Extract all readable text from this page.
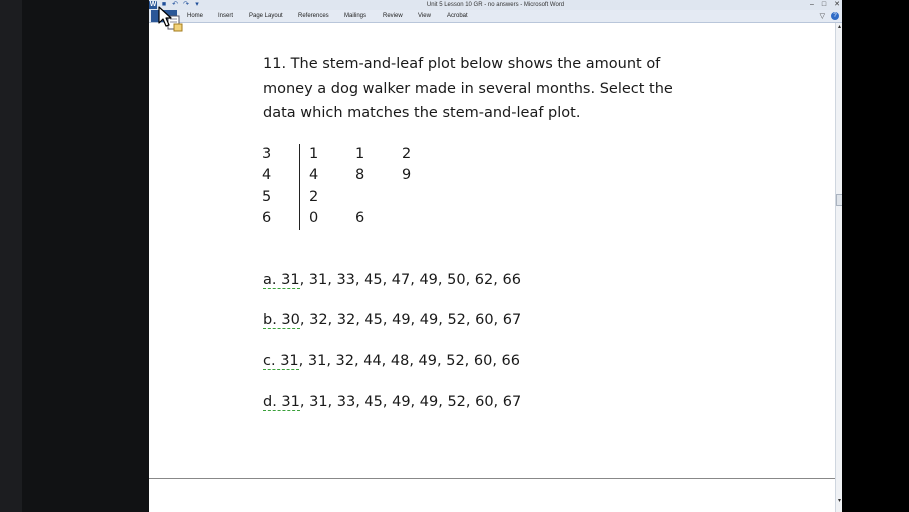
Unit 5 Lesson 10 GR - no answers - Microsoft Word
W ■ ↶ ↷ ▾	– □ ✕
Home Insert	Page Layout	References	Mailings	Review	View	Acrobat	▽	?
11. The stem-and-leaf plot below shows the amount of
money a dog walker made in several months. Select the
data which matches the stem-and-leaf plot.
3	1	1	2
4	4	8	9
5	2
6	0	6
a. 31, 31, 33, 45, 47, 49, 50, 62, 66
b. 30, 32, 32, 45, 49, 49, 52, 60, 67
c. 31, 31, 32, 44, 48, 49, 52, 60, 66
d. 31, 31, 33, 45, 49, 49, 52, 60, 67
▴
▾
